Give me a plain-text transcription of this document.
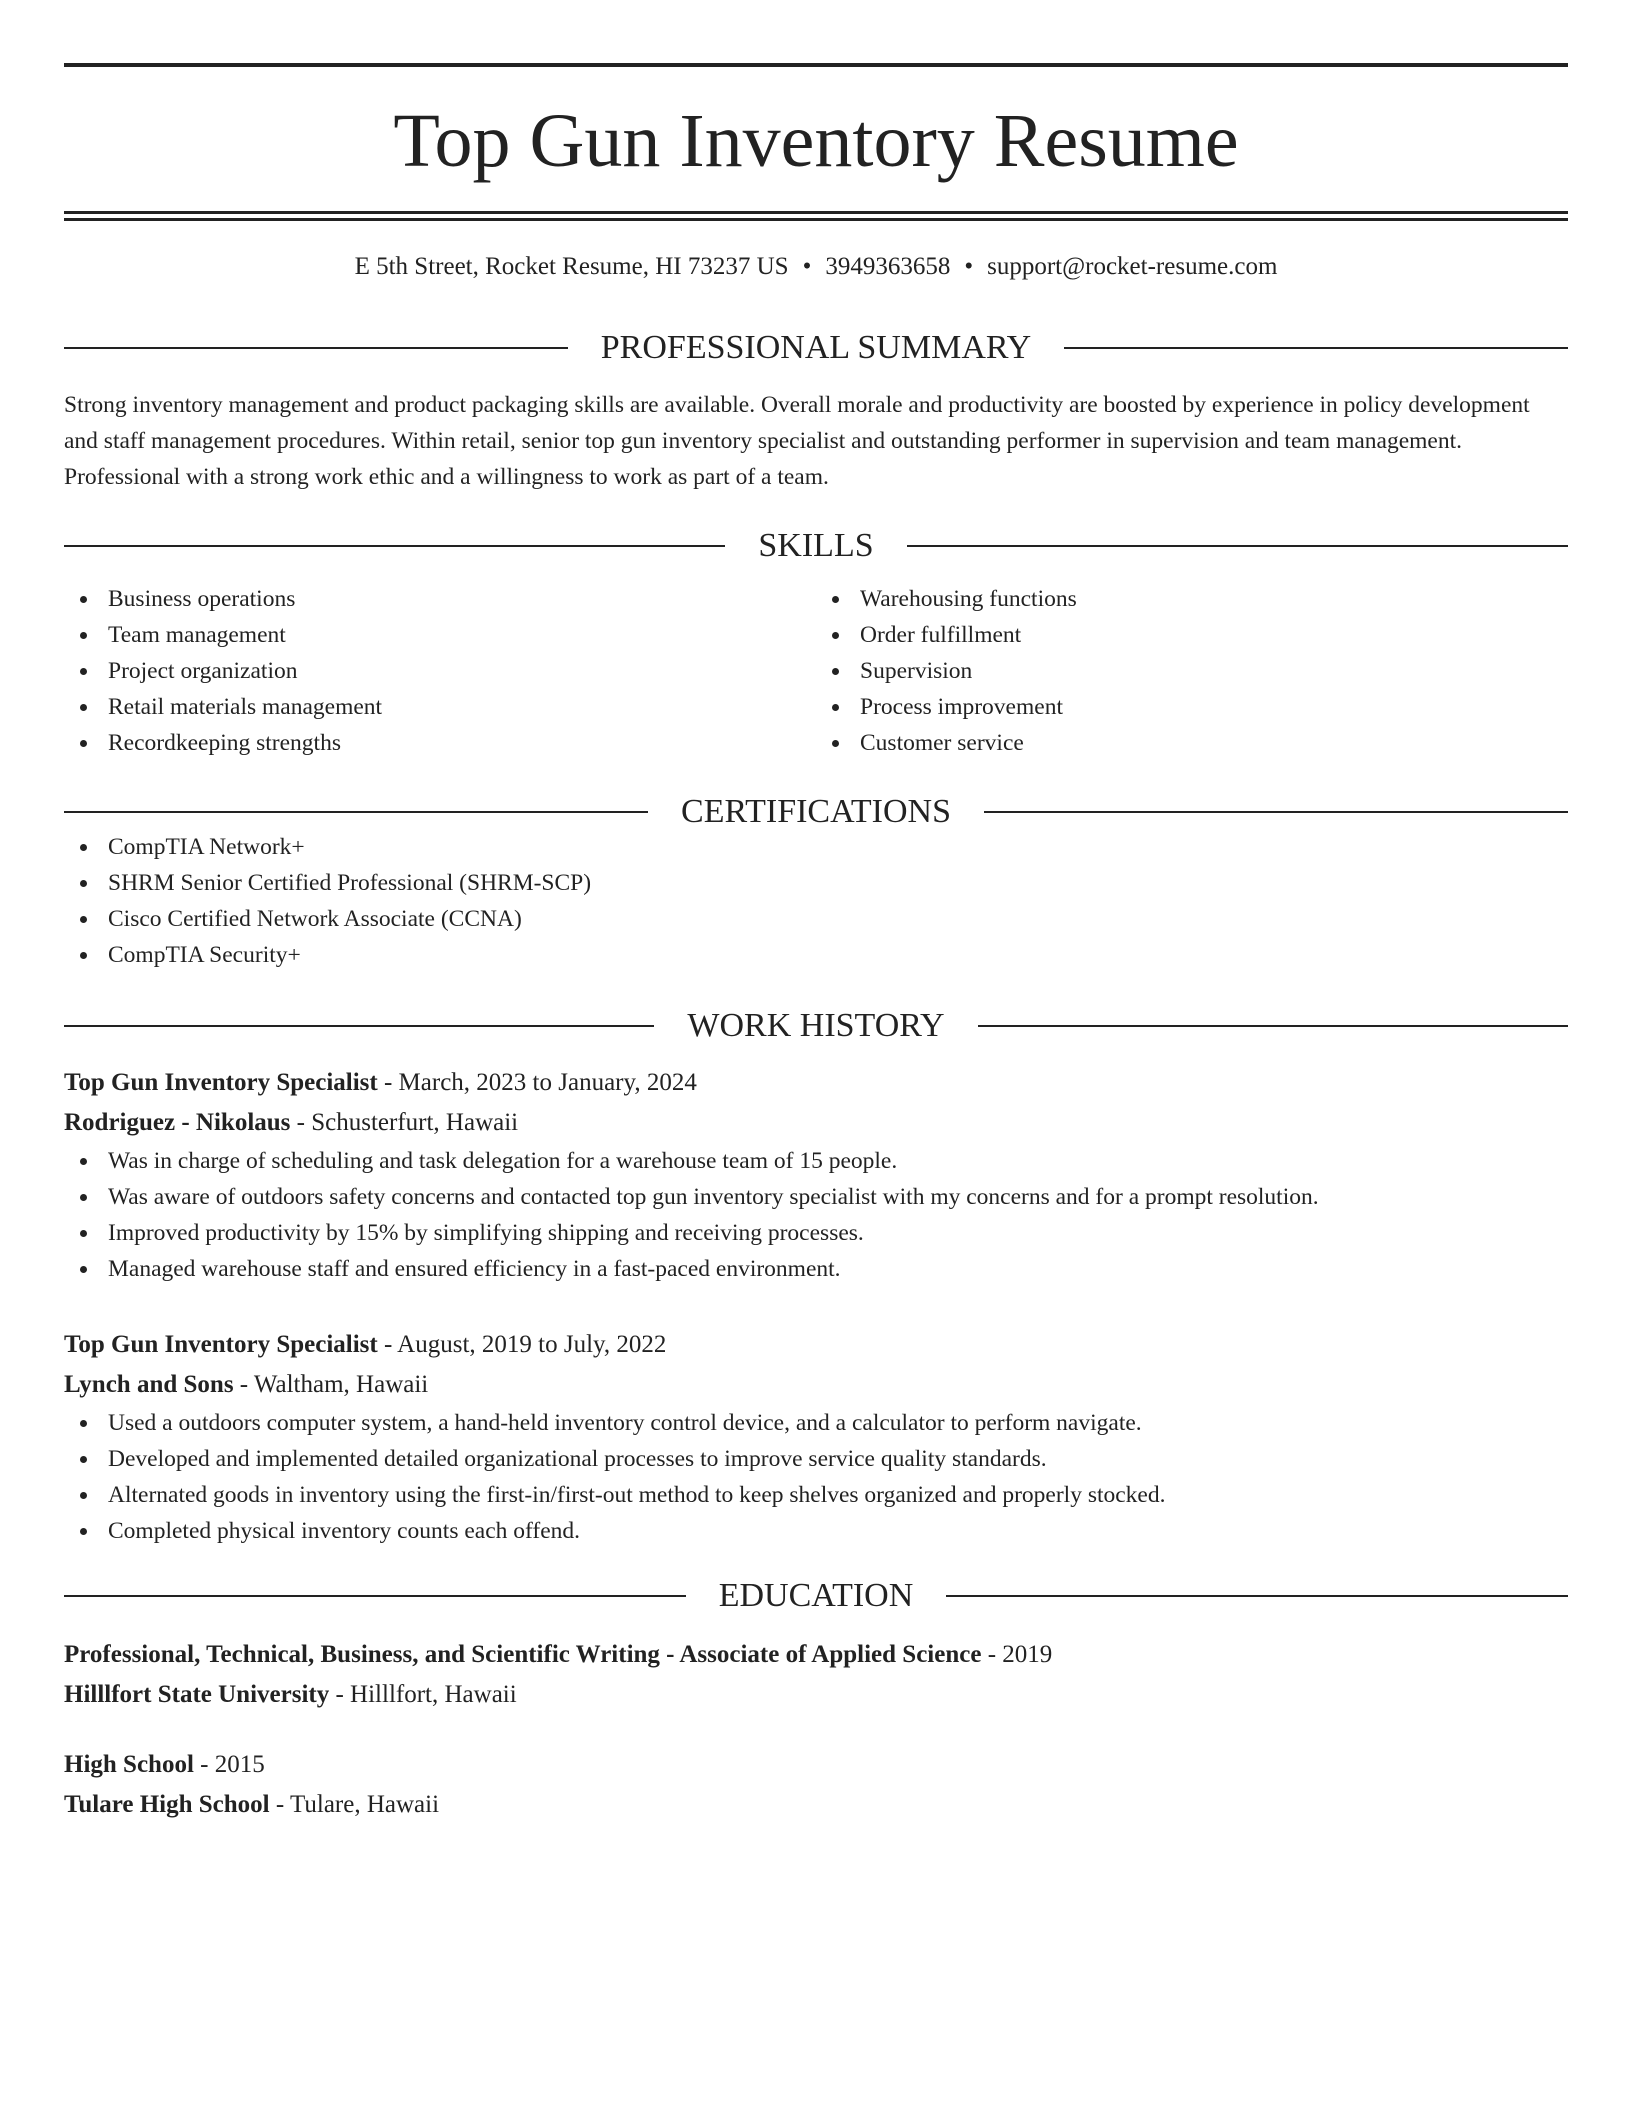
Top Gun Inventory Resume
E 5th Street, Rocket Resume, HI 73237 US • 3949363658 • support@rocket-resume.com
PROFESSIONAL SUMMARY

Strong inventory management and product packaging skills are available. Overall morale and productivity are boosted by experience in policy development and staff management procedures. Within retail, senior top gun inventory specialist and outstanding performer in supervision and team management. Professional with a strong work ethic and a willingness to work as part of a team.

SKILLS
Business operations
Team management
Project organization
Retail materials management
Recordkeeping strengths
Warehousing functions
Order fulfillment
Supervision
Process improvement
Customer service
CERTIFICATIONS
CompTIA Network+
SHRM Senior Certified Professional (SHRM-SCP)
Cisco Certified Network Associate (CCNA)
CompTIA Security+
WORK HISTORY
Top Gun Inventory Specialist - March, 2023 to January, 2024
Rodriguez - Nikolaus - Schusterfurt, Hawaii
Was in charge of scheduling and task delegation for a warehouse team of 15 people.
Was aware of outdoors safety concerns and contacted top gun inventory specialist with my concerns and for a prompt resolution.
Improved productivity by 15% by simplifying shipping and receiving processes.
Managed warehouse staff and ensured efficiency in a fast-paced environment.
Top Gun Inventory Specialist - August, 2019 to July, 2022
Lynch and Sons - Waltham, Hawaii
Used a outdoors computer system, a hand-held inventory control device, and a calculator to perform navigate.
Developed and implemented detailed organizational processes to improve service quality standards.
Alternated goods in inventory using the first-in/first-out method to keep shelves organized and properly stocked.
Completed physical inventory counts each offend.
EDUCATION
Professional, Technical, Business, and Scientific Writing - Associate of Applied Science - 2019
Hilllfort State University - Hilllfort, Hawaii
High School - 2015
Tulare High School - Tulare, Hawaii
